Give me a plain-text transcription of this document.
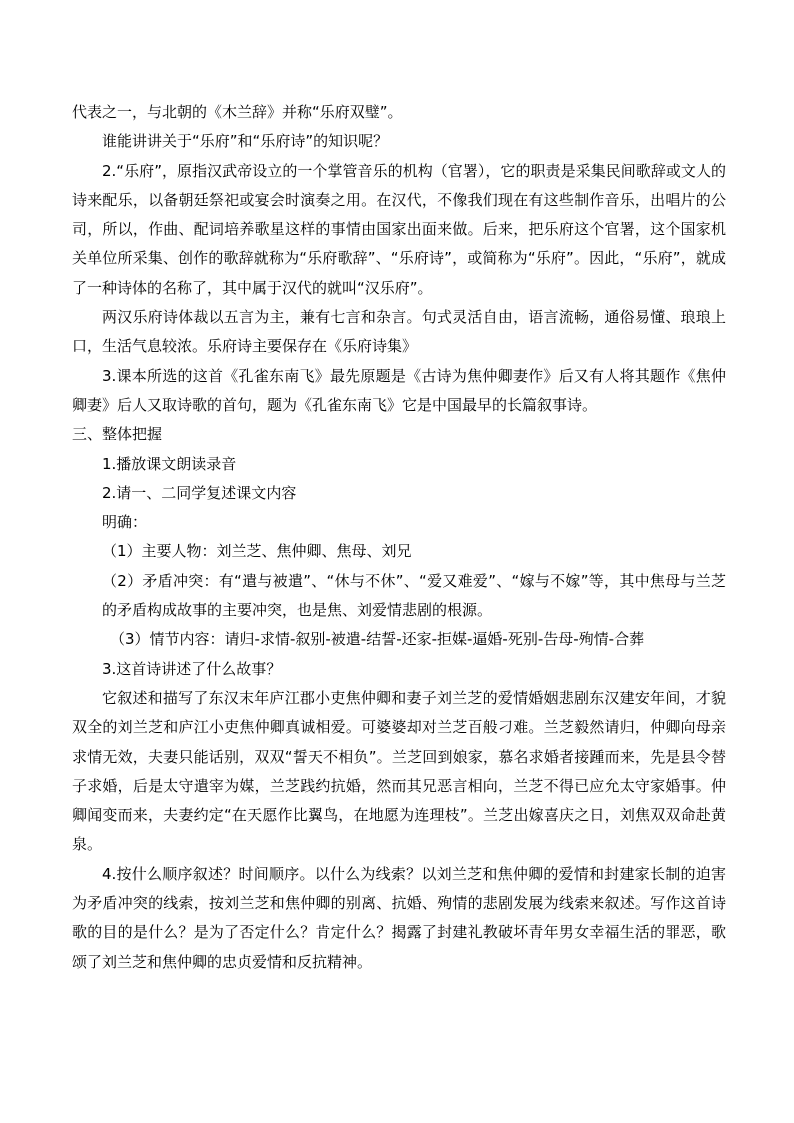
代表之一，与北朝的《木兰辞》并称“乐府双璧”。

谁能讲讲关于“乐府”和“乐府诗”的知识呢？

2.“乐府”，原指汉武帝设立的一个掌管音乐的机构（官署），它的职责是采集民间歌辞或文人的诗来配乐，以备朝廷祭祀或宴会时演奏之用。在汉代，不像我们现在有这些制作音乐，出唱片的公司，所以，作曲、配词培养歌星这样的事情由国家出面来做。后来，把乐府这个官署，这个国家机关单位所采集、创作的歌辞就称为“乐府歌辞”、“乐府诗”，或简称为“乐府”。因此，“乐府”，就成了一种诗体的名称了，其中属于汉代的就叫“汉乐府”。

两汉乐府诗体裁以五言为主，兼有七言和杂言。句式灵活自由，语言流畅，通俗易懂、琅琅上口，生活气息较浓。乐府诗主要保存在《乐府诗集》

3.课本所选的这首《孔雀东南飞》最先原题是《古诗为焦仲卿妻作》后又有人将其题作《焦仲卿妻》后人又取诗歌的首句，题为《孔雀东南飞》它是中国最早的长篇叙事诗。

三、整体把握

1.播放课文朗读录音

2.请一、二同学复述课文内容

明确：

（1）主要人物：刘兰芝、焦仲卿、焦母、刘兄

（2）矛盾冲突：有“遣与被遣”、“休与不休”、“爱又难爱”、“嫁与不嫁”等，其中焦母与兰芝的矛盾构成故事的主要冲突，也是焦、刘爱情悲剧的根源。

（3）情节内容：请归-求情-叙别-被遣-结誓-还家-拒媒-逼婚-死别-告母-殉情-合葬

3.这首诗讲述了什么故事？

它叙述和描写了东汉末年庐江郡小吏焦仲卿和妻子刘兰芝的爱情婚姻悲剧东汉建安年间，才貌双全的刘兰芝和庐江小吏焦仲卿真诚相爱。可婆婆却对兰芝百般刁难。兰芝毅然请归，仲卿向母亲求情无效，夫妻只能话别，双双“誓天不相负”。兰芝回到娘家，慕名求婚者接踵而来，先是县令替子求婚，后是太守遣宰为媒，兰芝践约抗婚，然而其兄恶言相向，兰芝不得已应允太守家婚事。仲卿闻变而来，夫妻约定“在天愿作比翼鸟，在地愿为连理枝”。兰芝出嫁喜庆之日，刘焦双双命赴黄泉。

4.按什么顺序叙述？时间顺序。以什么为线索？以刘兰芝和焦仲卿的爱情和封建家长制的迫害为矛盾冲突的线索，按刘兰芝和焦仲卿的别离、抗婚、殉情的悲剧发展为线索来叙述。写作这首诗歌的目的是什么？是为了否定什么？肯定什么？揭露了封建礼教破坏青年男女幸福生活的罪恶，歌颂了刘兰芝和焦仲卿的忠贞爱情和反抗精神。
